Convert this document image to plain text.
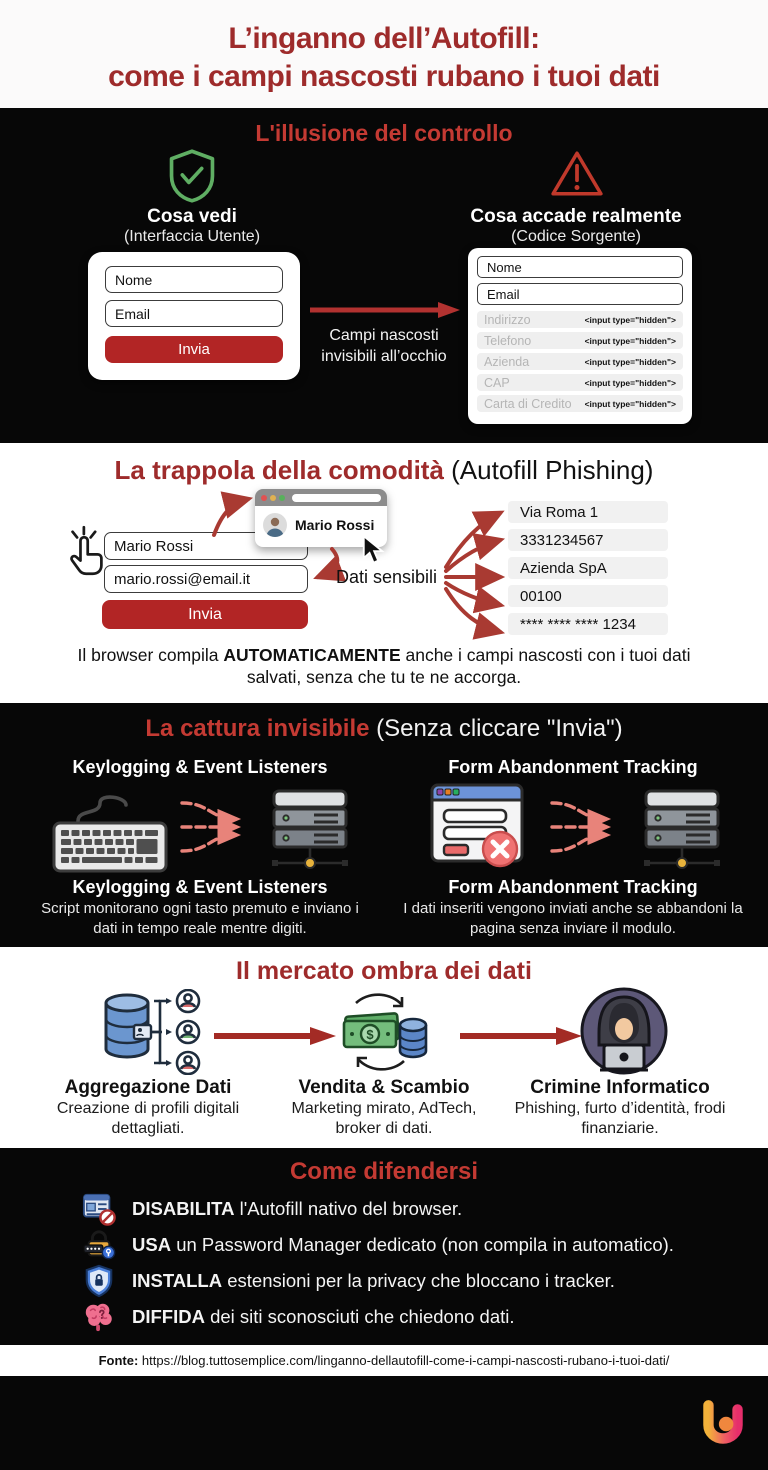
L’inganno dell’Autofill:
come i campi nascosti rubano i tuoi dati
L'illusione del controllo
Cosa vedi
(Interfaccia Utente)
Cosa accade realmente
(Codice Sorgente)
Nome
Email
Invia
Campi nascosti invisibili all’occhio
Nome
Email
Indirizzo	<input type="hidden">
Telefono	<input type="hidden">
Azienda	<input type="hidden">
CAP	<input type="hidden">
Carta di Credito <input type="hidden">
La trappola della comodità (Autofill Phishing)
Mario Rossi
mario.rossi@email.it
Invia
Mario Rossi
Dati sensibili
Via Roma 1
3331234567
Azienda SpA
00100
**** **** **** 1234
Il browser compila AUTOMATICAMENTE anche i campi nascosti con i tuoi dati salvati, senza che tu te ne accorga.
La cattura invisibile (Senza cliccare "Invia")
Keylogging & Event Listeners	Form Abandonment Tracking
Keylogging & Event Listeners
Script monitorano ogni tasto premuto e inviano i dati in tempo reale mentre digiti.
Form Abandonment Tracking
I dati inseriti vengono inviati anche se abbandoni la pagina senza inviare il modulo.
Il mercato ombra dei dati
$
Aggregazione Dati
Creazione di profili digitali dettagliati.
Vendita & Scambio
Marketing mirato, AdTech, broker di dati.
Crimine Informatico
Phishing, furto d’identità, frodi finanziarie.
Come difendersi
DISABILITA l'Autofill nativo del browser.
USA un Password Manager dedicato (non compila in automatico).
INSTALLA estensioni per la privacy che bloccano i tracker.
DIFFIDA dei siti sconosciuti che chiedono dati.
Fonte: https://blog.tuttosemplice.com/linganno-dellautofill-come-i-campi-nascosti-rubano-i-tuoi-dati/
